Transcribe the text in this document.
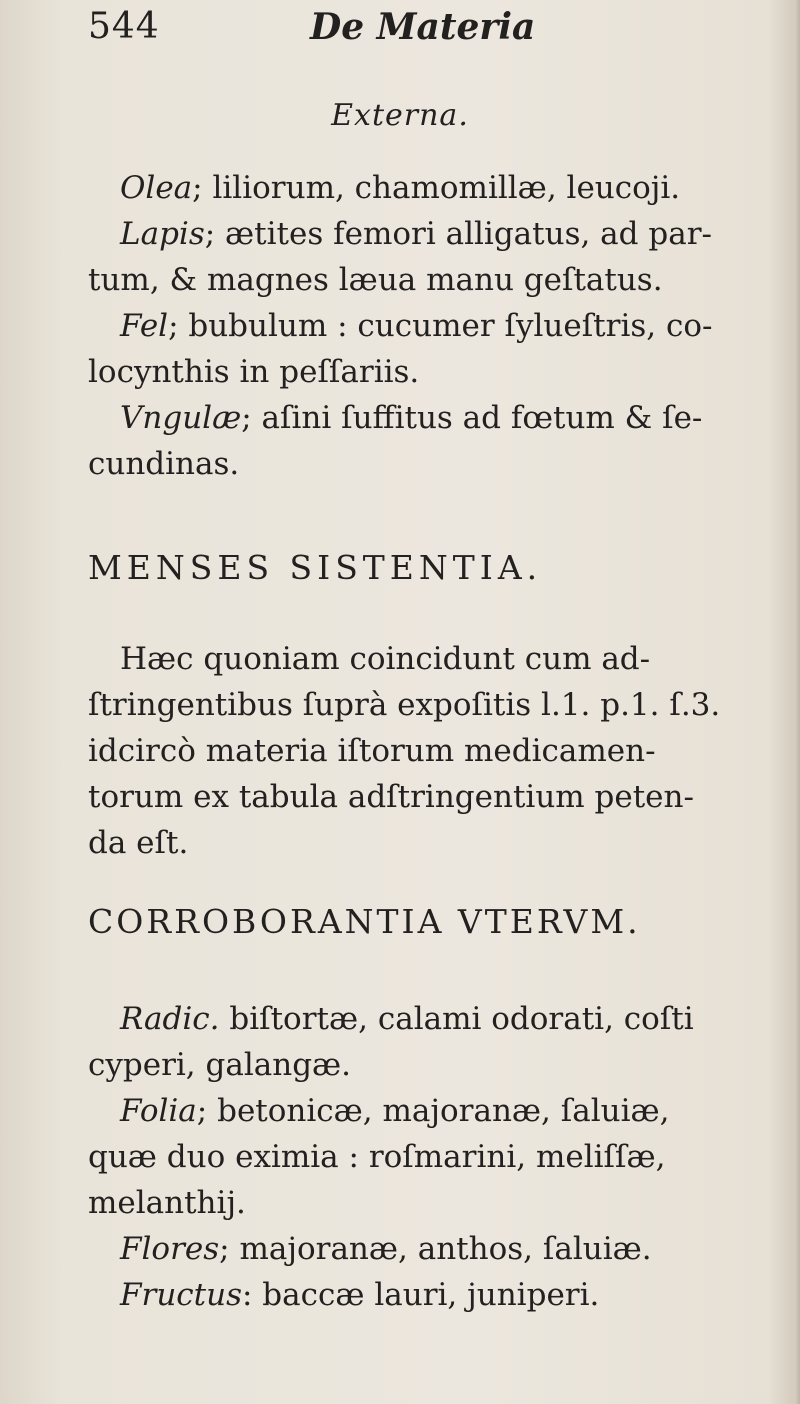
544	De Materia
Externa.
Olea; liliorum, chamomillæ, leucoji.
Lapis; ætites femori alligatus, ad par-
tum, & magnes læua manu geſtatus.
Fel; bubulum : cucumer ſylueſtris, co-
locynthis in peſſariis.
Vngulæ; aſini ſuffitus ad fœtum & ſe-
cundinas.
MENSES SISTENTIA.
Hæc quoniam coincidunt cum ad-
ſtringentibus ſuprà expoſitis l.1. p.1. ſ.3.
idcircò materia iſtorum medicamen-
torum ex tabula adſtringentium peten-
da eſt.
CORROBORANTIA VTERVM.
Radic. biſtortæ, calami odorati, coſti
cyperi, galangæ.
Folia; betonicæ, majoranæ, ſaluiæ,
quæ duo eximia : roſmarini, meliſſæ,
melanthij.
Flores; majoranæ, anthos, ſaluiæ.
Fructus: baccæ lauri, juniperi.
